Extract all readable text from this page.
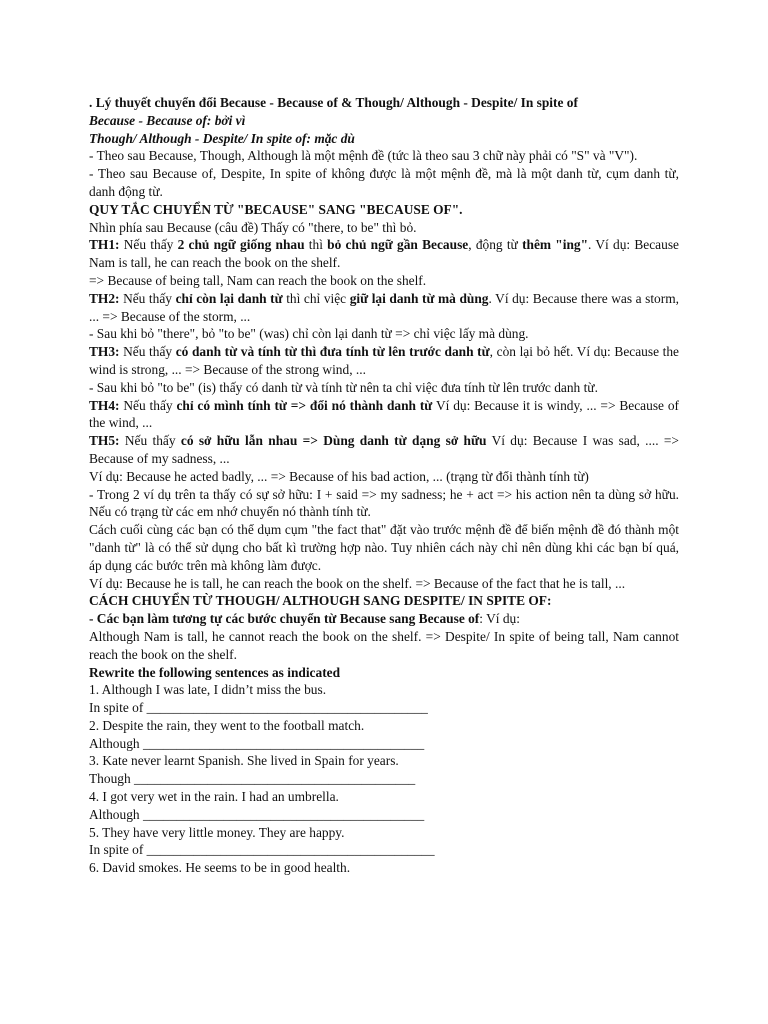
. Lý thuyết chuyển đổi Because - Because of & Though/ Although - Despite/ In spite of

Because - Because of: bởi vì

Though/ Although - Despite/ In spite of: mặc dù

- Theo sau Because, Though, Although là một mệnh đề (tức là theo sau 3 chữ này phải có "S" và "V").

- Theo sau Because of, Despite, In spite of không được là một mệnh đề, mà là một danh từ, cụm danh từ, danh động từ.

QUY TẮC CHUYỂN TỪ "BECAUSE" SANG "BECAUSE OF".

Nhìn phía sau Because (câu đề) Thấy có "there, to be" thì bỏ.

TH1: Nếu thấy 2 chủ ngữ giống nhau thì bỏ chủ ngữ gần Because, động từ thêm "ing". Ví dụ: Because Nam is tall, he can reach the book on the shelf.

=> Because of being tall, Nam can reach the book on the shelf.

TH2: Nếu thấy chỉ còn lại danh từ thì chỉ việc giữ lại danh từ mà dùng. Ví dụ: Because there was a storm, ... => Because of the storm, ...

- Sau khi bỏ "there", bỏ "to be" (was) chỉ còn lại danh từ => chỉ việc lấy mà dùng.

TH3: Nếu thấy có danh từ và tính từ thì đưa tính từ lên trước danh từ, còn lại bỏ hết. Ví dụ: Because the wind is strong, ... => Because of the strong wind, ...

- Sau khi bỏ "to be" (is) thấy có danh từ và tính từ nên ta chỉ việc đưa tính từ lên trước danh từ.

TH4: Nếu thấy chỉ có mình tính từ => đổi nó thành danh từ Ví dụ: Because it is windy, ... => Because of the wind, ...

TH5: Nếu thấy có sở hữu lẫn nhau => Dùng danh từ dạng sở hữu Ví dụ: Because I was sad, .... => Because of my sadness, ...

Ví dụ: Because he acted badly, ... => Because of his bad action, ... (trạng từ đổi thành tính từ)

- Trong 2 ví dụ trên ta thấy có sự sở hữu: I + said => my sadness; he + act => his action nên ta dùng sở hữu. Nếu có trạng từ các em nhớ chuyển nó thành tính từ.

Cách cuối cùng các bạn có thể dụm cụm "the fact that" đặt vào trước mệnh đề để biến mệnh đề đó thành một "danh từ" là có thể sử dụng cho bất kì trường hợp nào. Tuy nhiên cách này chỉ nên dùng khi các bạn bí quá, áp dụng các bước trên mà không làm được.

Ví dụ: Because he is tall, he can reach the book on the shelf. => Because of the fact that he is tall, ...

CÁCH CHUYỂN TỪ THOUGH/ ALTHOUGH SANG DESPITE/ IN SPITE OF:

- Các bạn làm tương tự các bước chuyển từ Because sang Because of: Ví dụ:

Although Nam is tall, he cannot reach the book on the shelf. => Despite/ In spite of being tall, Nam cannot reach the book on the shelf.

Rewrite the following sentences as indicated

1. Although I was late, I didn’t miss the bus.

In spite of __________________________________________

2. Despite the rain, they went to the football match.

Although __________________________________________

3. Kate never learnt Spanish. She lived in Spain for years.

Though __________________________________________

4. I got very wet in the rain. I had an umbrella.

Although __________________________________________

5. They have very little money. They are happy.

In spite of ___________________________________________

6. David smokes. He seems to be in good health.
